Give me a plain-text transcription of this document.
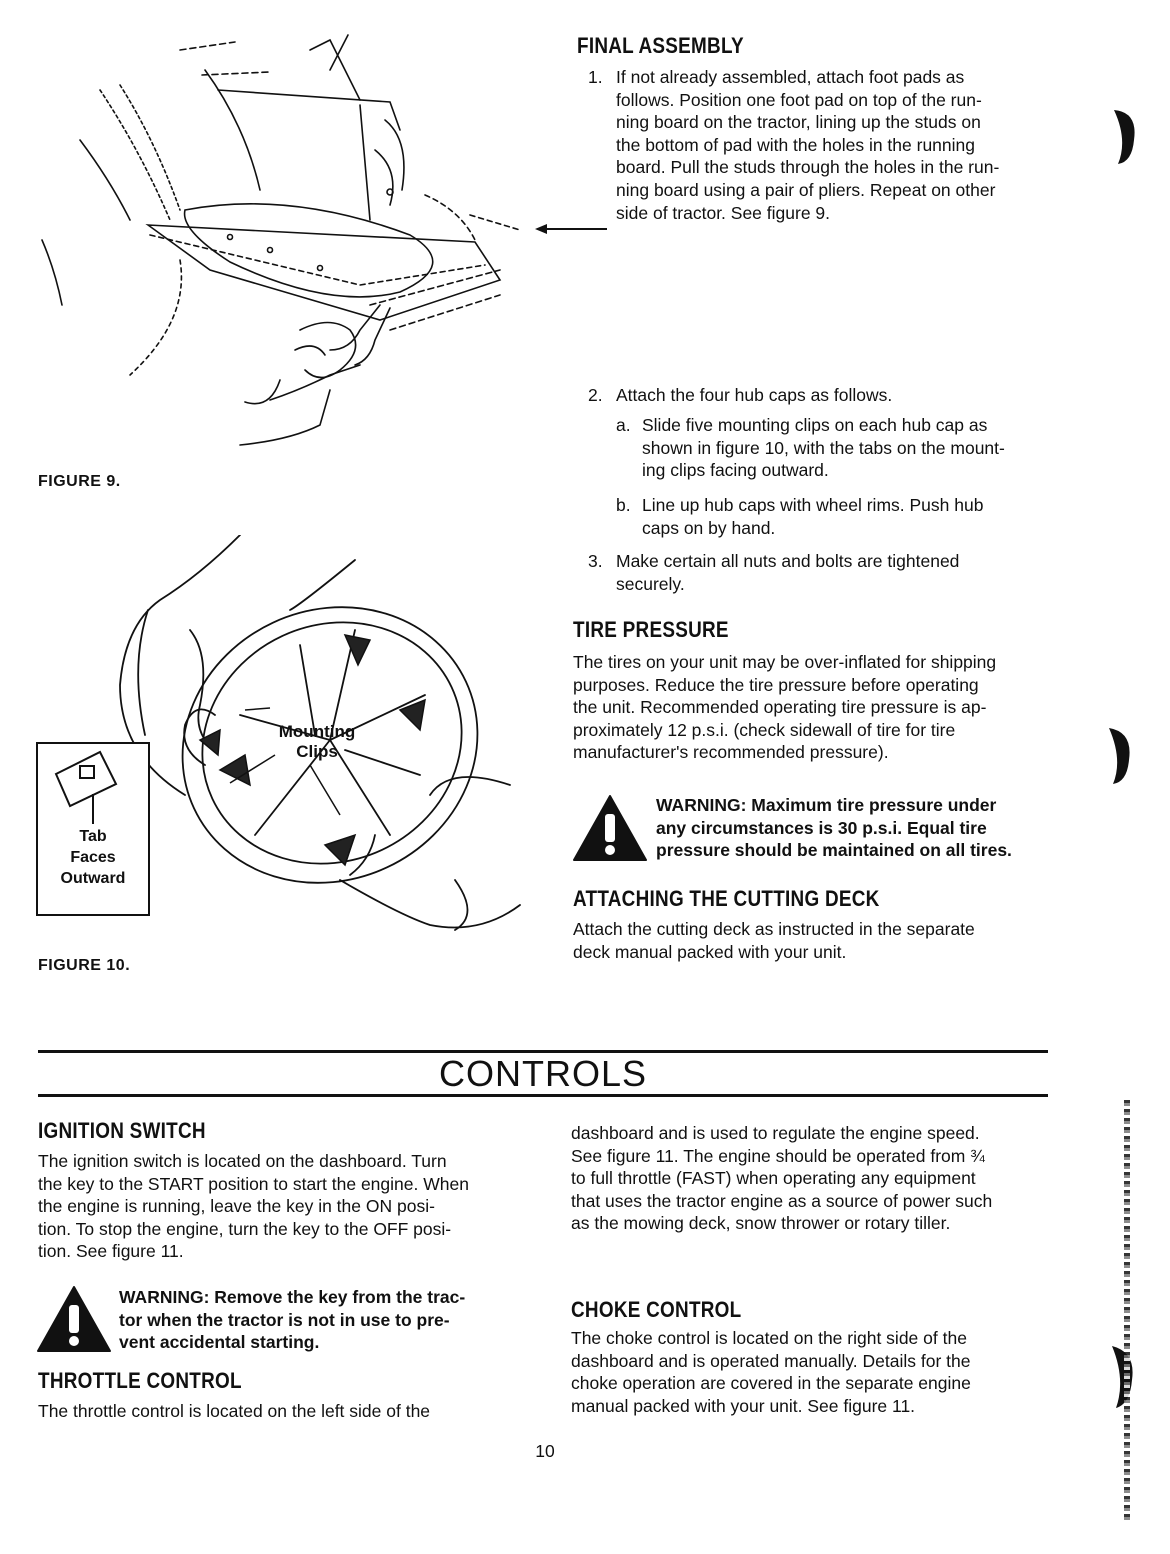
FIGURE 9.
Mounting
Clips
Tab
Faces
Outward
FIGURE 10.
FINAL ASSEMBLY
1. If not already assembled, attach foot pads as
follows. Position one foot pad on top of the run-
ning board on the tractor, lining up the studs on
the bottom of pad with the holes in the running
board. Pull the studs through the holes in the run-
ning board using a pair of pliers. Repeat on other
side of tractor. See figure 9.
2. Attach the four hub caps as follows.
a. Slide five mounting clips on each hub cap as
shown in figure 10, with the tabs on the mount-
ing clips facing outward.
b. Line up hub caps with wheel rims. Push hub
caps on by hand.
3. Make certain all nuts and bolts are tightened
securely.
TIRE PRESSURE
The tires on your unit may be over-inflated for shipping
purposes. Reduce the tire pressure before operating
the unit. Recommended operating tire pressure is ap-
proximately 12 p.s.i. (check sidewall of tire for tire
manufacturer's recommended pressure).
WARNING: Maximum tire pressure under
any circumstances is 30 p.s.i. Equal tire
pressure should be maintained on all tires.
ATTACHING THE CUTTING DECK
Attach the cutting deck as instructed in the separate
deck manual packed with your unit.
CONTROLS
IGNITION SWITCH
The ignition switch is located on the dashboard. Turn
the key to the START position to start the engine. When
the engine is running, leave the key in the ON posi-
tion. To stop the engine, turn the key to the OFF posi-
tion. See figure 11.
WARNING: Remove the key from the trac-
tor when the tractor is not in use to pre-
vent accidental starting.
THROTTLE CONTROL
The throttle control is located on the left side of the
dashboard and is used to regulate the engine speed.
See figure 11. The engine should be operated from ¾
to full throttle (FAST) when operating any equipment
that uses the tractor engine as a source of power such
as the mowing deck, snow thrower or rotary tiller.
CHOKE CONTROL
The choke control is located on the right side of the
dashboard and is operated manually. Details for the
choke operation are covered in the separate engine
manual packed with your unit. See figure 11.
10
